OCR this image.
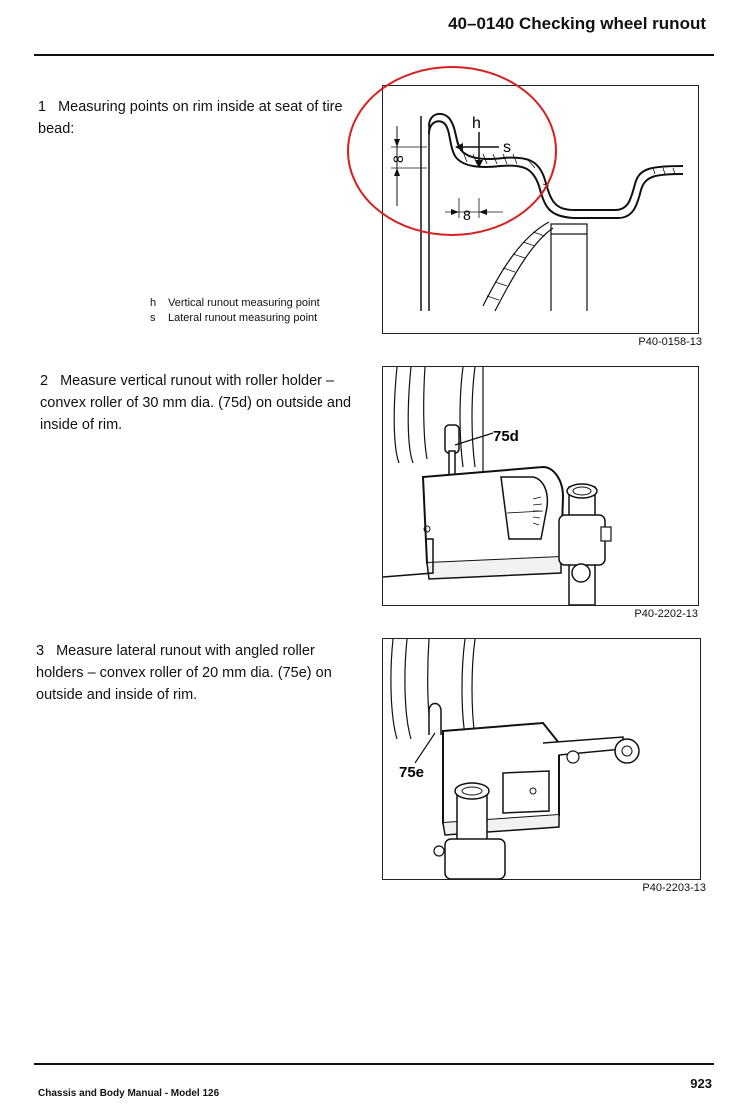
40–0140 Checking wheel runout
1 Measuring points on rim inside at seat of tire
bead:
h Vertical runout measuring point
s Lateral runout measuring point
h
s
8
8
P40-0158-13
2 Measure vertical runout with roller holder –
convex roller of 30 mm dia. (75d) on outside and
inside of rim.
75d
P40-2202-13
3 Measure lateral runout with angled roller
holders – convex roller of 20 mm dia. (75e) on
outside and inside of rim.
75e
P40-2203-13
Chassis and Body Manual - Model 126
923
